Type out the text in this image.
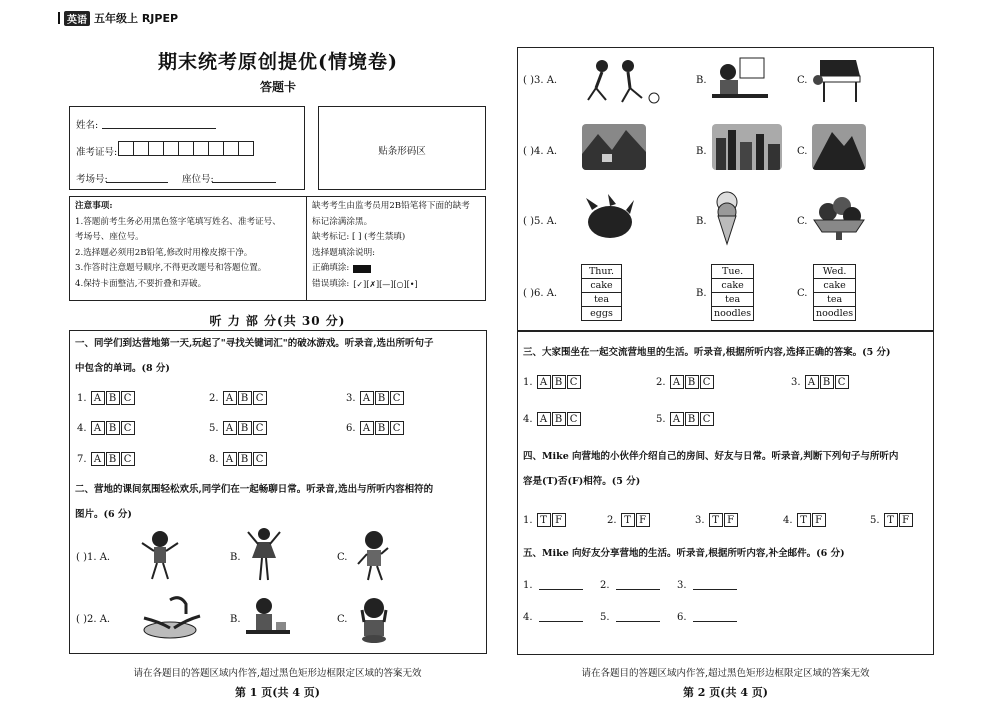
英语 五年级上 RJPEP
期末统考原创提优(情境卷)
答题卡
姓名:
准考证号:
考场号:	座位号:
贴条形码区
注意事项:
1.答题前考生务必用黑色签字笔填写姓名、准考证号、
考场号、座位号。
2.选择题必须用2B铅笔,修改时用橡皮擦干净。
3.作答时注意题号顺序,不得更改题号和答题位置。
4.保持卡面整洁,不要折叠和弄破。
缺考考生由监考员用2B铅笔将下面的缺考
标记涂满涂黑。
缺考标记: [ ] (考生禁填)
选择题填涂说明:
正确填涂:
错误填涂: [✓][✗][—][○][•]
听 力 部 分(共 30 分)
一、同学们到达营地第一天,玩起了"寻找关键词汇"的破冰游戏。听录音,选出所听句子
中包含的单词。(8 分)
1. A B C	2. A B C	3. A B C
4. A B C	5. A B C	6. A B C
7. A B C	8. A B C
二、营地的课间氛围轻松欢乐,同学们在一起畅聊日常。听录音,选出与所听内容相符的
图片。(6 分)
( )1. A.	B.	C.
( )2. A.	B.	C.
请在各题目的答题区域内作答,超过黑色矩形边框限定区域的答案无效
第 1 页(共 4 页)
( )3. A.	B.	C.
( )4. A.	B.	C.
( )5. A.	B.	C.
( )6. A.
Thur.
cake
tea
eggs
B.
Tue.
cake
tea
noodles
C.
Wed.
cake
tea
noodles
三、大家围坐在一起交流营地里的生活。听录音,根据所听内容,选择正确的答案。(5 分)
1. A B C	2. A B C	3. A B C
4. A B C	5. A B C
四、Mike 向营地的小伙伴介绍自己的房间、好友与日常。听录音,判断下列句子与所听内
容是(T)否(F)相符。(5 分)
1. T F	2. T F	3. T F	4. T F	5. T F
五、Mike 向好友分享营地的生活。听录音,根据所听内容,补全邮件。(6 分)
1.	2.	3.
4.	5.	6.
请在各题目的答题区域内作答,超过黑色矩形边框限定区域的答案无效
第 2 页(共 4 页)
